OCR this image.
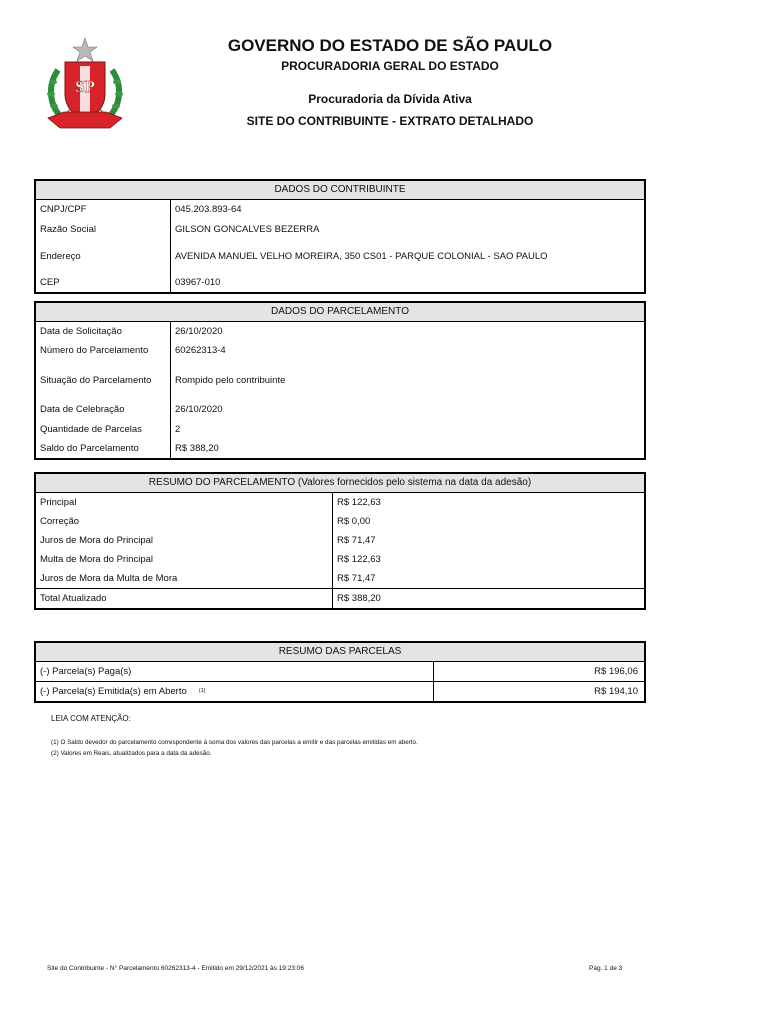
SP
GOVERNO DO ESTADO DE SÃO PAULO
PROCURADORIA GERAL DO ESTADO
Procuradoria da Dívida Ativa
SITE DO CONTRIBUINTE - EXTRATO DETALHADO
DADOS DO CONTRIBUINTE
CNPJ/CPF	045.203.893-64
Razão Social	GILSON GONCALVES BEZERRA
Endereço	AVENIDA MANUEL VELHO MOREIRA, 350 CS01 - PARQUE COLONIAL - SAO PAULO
CEP	03967-010
DADOS DO PARCELAMENTO
Data de Solicitação	26/10/2020
Número do Parcelamento	60262313-4
Situação do Parcelamento	Rompido pelo contribuinte
Data de Celebração	26/10/2020
Quantidade de Parcelas	2
Saldo do Parcelamento	R$ 388,20
RESUMO DO PARCELAMENTO (Valores fornecidos pelo sistema na data da adesão)
Principal	R$ 122,63
Correção	R$ 0,00
Juros de Mora do Principal	R$ 71,47
Multa de Mora do Principal	R$ 122,63
Juros de Mora da Multa de Mora	R$ 71,47
Total Atualizado	R$ 388,20
RESUMO DAS PARCELAS
(-) Parcela(s) Paga(s)	R$ 196,06
(-) Parcela(s) Emitida(s) em Aberto (1)	R$ 194,10
LEIA COM ATENÇÃO:
(1) O Saldo devedor do parcelamento correspondente à soma dos valores das parcelas a emitir e das parcelas emitidas em aberto.
(2) Valores em Reais, atualizados para a data da adesão.
Site do Contribuinte - N° Parcelamento 60262313-4 - Emitido em 29/12/2021 às 19:23:06	Pág. 1 de 3
